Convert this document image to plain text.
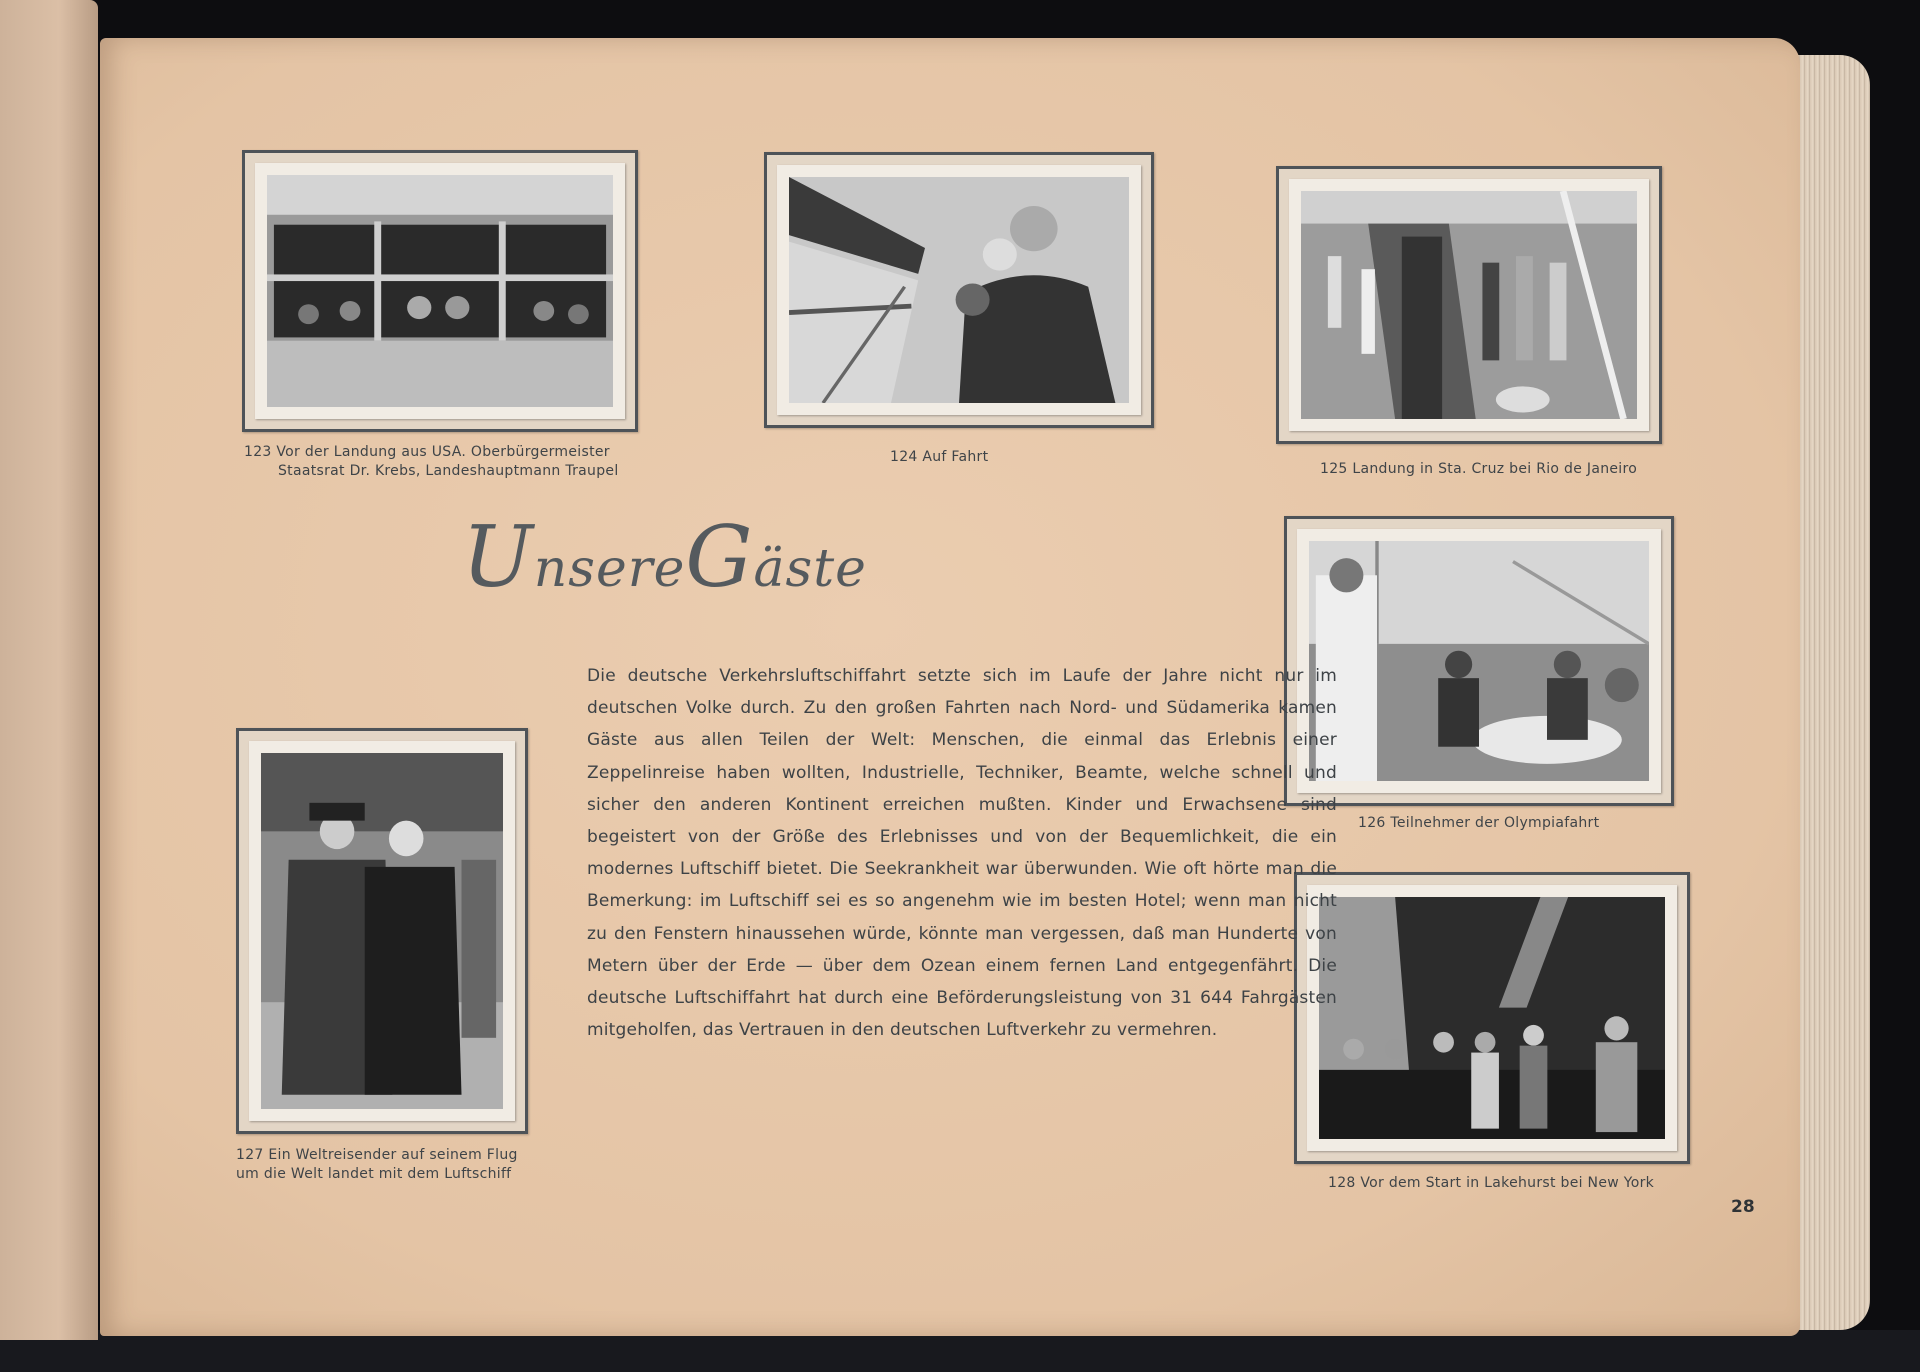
123 Vor der Landung aus USA. Oberbürgermeister
Staatsrat Dr. Krebs, Landeshauptmann Traupel
124 Auf Fahrt
125 Landung in Sta. Cruz bei Rio de Janeiro
126 Teilnehmer der Olympiafahrt
127 Ein Weltreisender auf seinem Flug
um die Welt landet mit dem Luftschiff
128 Vor dem Start in Lakehurst bei New York
UnsereGäste
Die deutsche Verkehrsluftschiffahrt setzte sich im Laufe der Jahre nicht nur im deutschen Volke durch. Zu den großen Fahrten nach Nord- und Südamerika kamen Gäste aus allen Teilen der Welt: Menschen, die einmal das Erlebnis einer Zeppelinreise haben wollten, Industrielle, Techniker, Beamte, welche schnell und sicher den anderen Kontinent erreichen mußten. Kinder und Erwachsene sind begeistert von der Größe des Erlebnisses und von der Bequemlichkeit, die ein modernes Luftschiff bietet. Die Seekrankheit war überwunden. Wie oft hörte man die Bemerkung: im Luftschiff sei es so angenehm wie im besten Hotel; wenn man nicht zu den Fenstern hinaussehen würde, könnte man vergessen, daß man Hunderte von Metern über der Erde — über dem Ozean einem fernen Land entgegenfährt. Die deutsche Luftschiffahrt hat durch eine Beförderungsleistung von 31 644 Fahrgästen mitgeholfen, das Vertrauen in den deutschen Luftverkehr zu vermehren.
28
